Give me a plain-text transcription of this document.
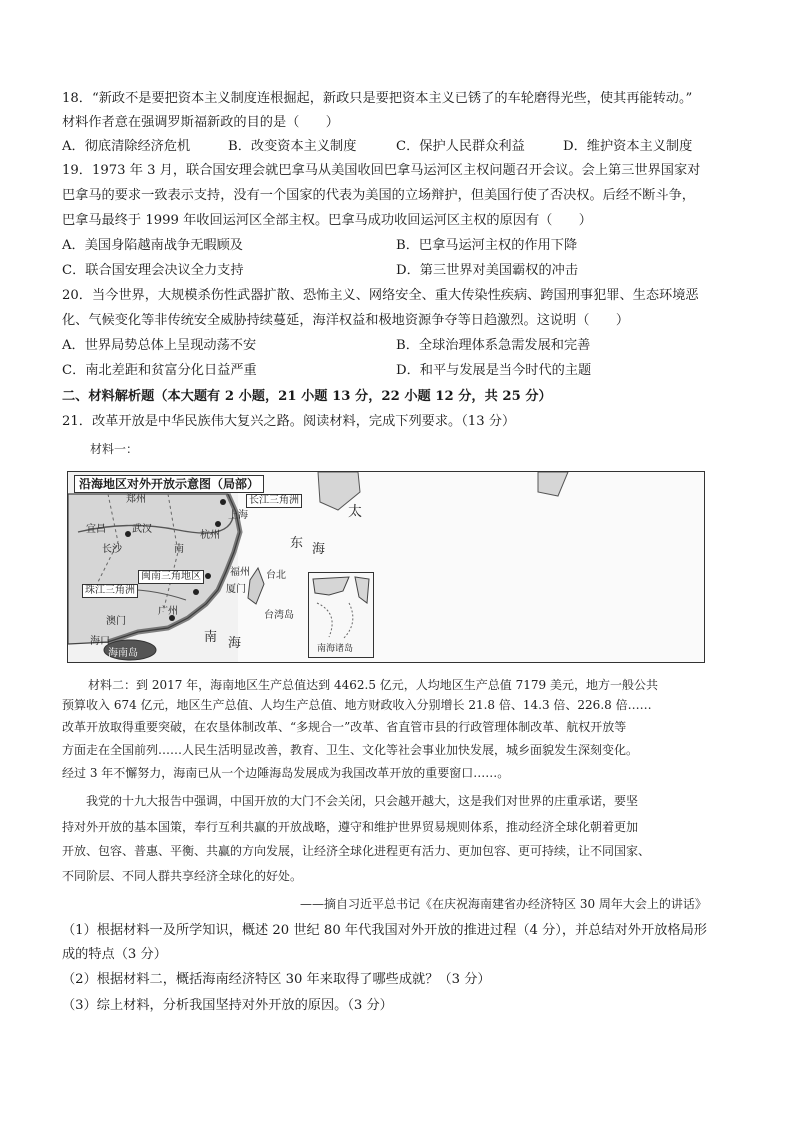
18．“新政不是要把资本主义制度连根掘起，新政只是要把资本主义已锈了的车轮磨得光些，使其再能转动。”
材料作者意在强调罗斯福新政的目的是（　　）
A．彻底清除经济危机	B．改变资本主义制度	C．保护人民群众利益	D．维护资本主义制度
19．1973 年 3 月，联合国安理会就巴拿马从美国收回巴拿马运河区主权问题召开会议。会上第三世界国家对
巴拿马的要求一致表示支持，没有一个国家的代表为美国的立场辩护，但美国行使了否决权。后经不断斗争，
巴拿马最终于 1999 年收回运河区全部主权。巴拿马成功收回运河区主权的原因有（　　）
A．美国身陷越南战争无暇顾及	B．巴拿马运河主权的作用下降
C．联合国安理会决议全力支持	D．第三世界对美国霸权的冲击
20．当今世界，大规模杀伤性武器扩散、恐怖主义、网络安全、重大传染性疾病、跨国刑事犯罪、生态环境恶
化、气候变化等非传统安全威胁持续蔓延，海洋权益和极地资源争夺等日趋激烈。这说明（　　）
A．世界局势总体上呈现动荡不安	B．全球治理体系急需发展和完善
C．南北差距和贫富分化日益严重	D．和平与发展是当今时代的主题
二、材料解析题（本大题有 2 小题，21 小题 13 分，22 小题 12 分，共 25 分）
21．改革开放是中华民族伟大复兴之路。阅读材料，完成下列要求。（13 分）
材料一：
沿海地区对外开放示意图（局部）
郑州	长江三角洲
上海
宜昌	武汉
杭州
东 海
长沙	南
福州
闽南三角地区
厦门
台北
珠江三角洲
广州	台湾岛
澳门
海口
海南岛
南 海
太
南海诸岛
材料二：到 2017 年，海南地区生产总值达到 4462.5 亿元，人均地区生产总值 7179 美元，地方一般公共
预算收入 674 亿元，地区生产总值、人均生产总值、地方财政收入分别增长 21.8 倍、14.3 倍、226.8 倍……
改革开放取得重要突破，在农垦体制改革、“多规合一”改革、省直管市县的行政管理体制改革、航权开放等
方面走在全国前列……人民生活明显改善，教育、卫生、文化等社会事业加快发展，城乡面貌发生深刻变化。
经过 3 年不懈努力，海南已从一个边陲海岛发展成为我国改革开放的重要窗口……。
　　我党的十九大报告中强调，中国开放的大门不会关闭，只会越开越大，这是我们对世界的庄重承诺，要坚
持对外开放的基本国策，奉行互利共赢的开放战略，遵守和维护世界贸易规则体系，推动经济全球化朝着更加
开放、包容、普惠、平衡、共赢的方向发展，让经济全球化进程更有活力、更加包容、更可持续，让不同国家、
不同阶层、不同人群共享经济全球化的好处。
——摘自习近平总书记《在庆祝海南建省办经济特区 30 周年大会上的讲话》
（1）根据材料一及所学知识，概述 20 世纪 80 年代我国对外开放的推进过程（4 分），并总结对外开放格局形
成的特点（3 分）
（2）根据材料二，概括海南经济特区 30 年来取得了哪些成就？（3 分）
（3）综上材料，分析我国坚持对外开放的原因。（3 分）
